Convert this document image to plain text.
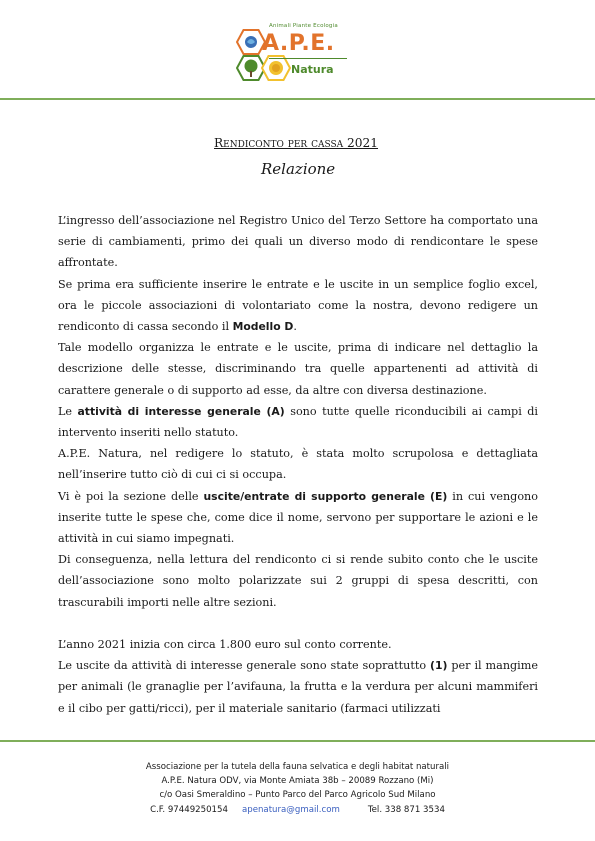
Animali Piante Ecologia
A.P.E.
Natura
Rendiconto per cassa 2021
Relazione

L’ingresso dell’associazione nel Registro Unico del Terzo Settore ha comportato una serie di cambiamenti, primo dei quali un diverso modo di rendicontare le spese affrontate.

Se prima era sufficiente inserire le entrate e le uscite in un semplice foglio excel, ora le piccole associazioni di volontariato come la nostra, devono redigere un rendiconto di cassa secondo il Modello D.

Tale modello organizza le entrate e le uscite, prima di indicare nel dettaglio la descrizione delle stesse, discriminando tra quelle appartenenti ad attività di carattere generale o di supporto ad esse, da altre con diversa destinazione.

Le attività di interesse generale (A) sono tutte quelle riconducibili ai campi di intervento inseriti nello statuto.

A.P.E. Natura, nel redigere lo statuto, è stata molto scrupolosa e dettagliata nell’inserire tutto ciò di cui ci si occupa.

Vi è poi la sezione delle uscite/entrate di supporto generale (E) in cui vengono inserite tutte le spese che, come dice il nome, servono per supportare le azioni e le attività in cui siamo impegnati.

Di conseguenza, nella lettura del rendiconto ci si rende subito conto che le uscite dell’associazione sono molto polarizzate sui 2 gruppi di spesa descritti, con trascurabili importi nelle altre sezioni.

L’anno 2021 inizia con circa 1.800 euro sul conto corrente.

Le uscite da attività di interesse generale sono state soprattutto (1) per il mangime per animali (le granaglie per l’avifauna, la frutta e la verdura per alcuni mammiferi e il cibo per gatti/ricci), per il materiale sanitario (farmaci utilizzati

Associazione per la tutela della fauna selvatica e degli habitat naturali
A.P.E. Natura ODV, via Monte Amiata 38b – 20089 Rozzano (Mi)
c/o Oasi Smeraldino – Punto Parco del Parco Agricolo Sud Milano
C.F. 97449250154 apenatura@gmail.com	Tel. 338 871 3534
